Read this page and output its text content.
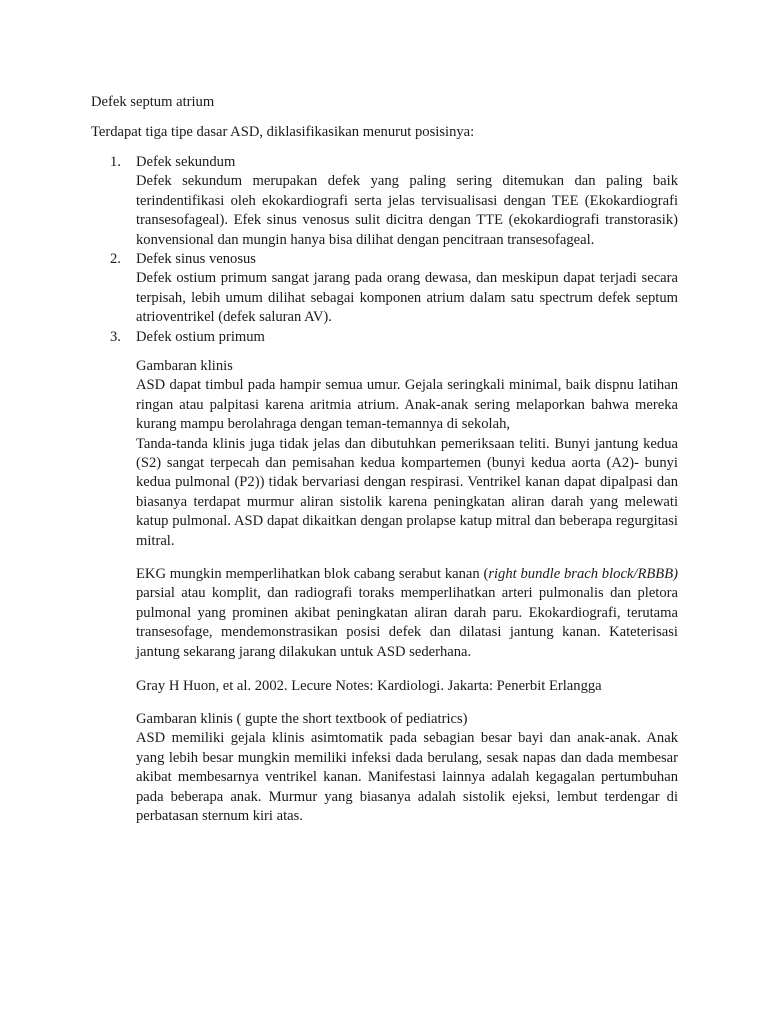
Defek septum atrium
Terdapat tiga tipe dasar ASD, diklasifikasikan menurut posisinya:
1. Defek sekundum
Defek sekundum merupakan defek yang paling sering ditemukan dan paling baik terindentifikasi oleh ekokardiografi serta jelas tervisualisasi dengan TEE (Ekokardiografi transesofageal). Efek sinus venosus sulit dicitra dengan TTE (ekokardiografi transtorasik) konvensional dan mungin hanya bisa dilihat dengan pencitraan transesofageal.
2. Defek sinus venosus
Defek ostium primum sangat jarang pada orang dewasa, dan meskipun dapat terjadi secara terpisah, lebih umum dilihat sebagai komponen atrium dalam satu spectrum defek septum atrioventrikel (defek saluran AV).
3. Defek ostium primum
Gambaran klinis
ASD dapat timbul pada hampir semua umur. Gejala seringkali minimal, baik dispnu latihan ringan atau palpitasi karena aritmia atrium. Anak-anak sering melaporkan bahwa mereka kurang mampu berolahraga dengan teman-temannya di sekolah,
Tanda-tanda klinis juga tidak jelas dan dibutuhkan pemeriksaan teliti. Bunyi jantung kedua (S2) sangat terpecah dan pemisahan kedua kompartemen (bunyi kedua aorta (A2)- bunyi kedua pulmonal (P2)) tidak bervariasi dengan respirasi. Ventrikel kanan dapat dipalpasi dan biasanya terdapat murmur aliran sistolik karena peningkatan aliran darah yang melewati katup pulmonal. ASD dapat dikaitkan dengan prolapse katup mitral dan beberapa regurgitasi mitral.
EKG mungkin memperlihatkan blok cabang serabut kanan (right bundle brach block/RBBB) parsial atau komplit, dan radiografi toraks memperlihatkan arteri pulmonalis dan pletora pulmonal yang prominen akibat peningkatan aliran darah paru. Ekokardiografi, terutama transesofage, mendemonstrasikan posisi defek dan dilatasi jantung kanan. Kateterisasi jantung sekarang jarang dilakukan untuk ASD sederhana.
Gray H Huon, et al. 2002. Lecure Notes: Kardiologi. Jakarta: Penerbit Erlangga
Gambaran klinis ( gupte the short textbook of pediatrics)
ASD memiliki gejala klinis asimtomatik pada sebagian besar bayi dan anak-anak. Anak yang lebih besar mungkin memiliki infeksi dada berulang, sesak napas dan dada membesar akibat membesarnya ventrikel kanan. Manifestasi lainnya adalah kegagalan pertumbuhan pada beberapa anak. Murmur yang biasanya adalah sistolik ejeksi, lembut terdengar di perbatasan sternum kiri atas.
